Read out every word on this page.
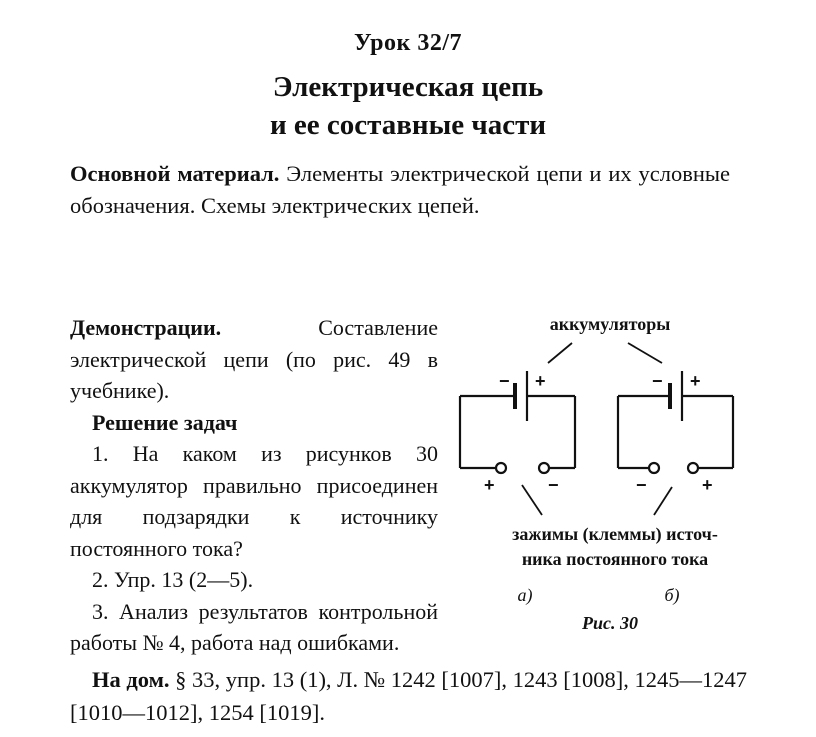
Урок 32/7
Электрическая цепь
и ее составные части
Основной материал. Элементы электрической цепи и их условные обозначения. Схемы электрических цепей.
Демонстрации.	Составление электрической цепи (по рис. 49 в учебнике).
Решение задач
1. На каком из рисунков 30 аккумулятор правильно присоединен для подзарядки к источнику постоянного тока?
2. Упр. 13 (2—5).
3. Анализ результатов контрольной работы № 4, работа над ошибками.
На дом. § 33, упр. 13 (1), Л. № 1242 [1007], 1243 [1008], 1245—1247 [1010—1012], 1254 [1019].
− +
+	−
− +
−	+
аккумуляторы
зажимы (клеммы) источ-
ника постоянного тока
а)	б)
Рис. 30
